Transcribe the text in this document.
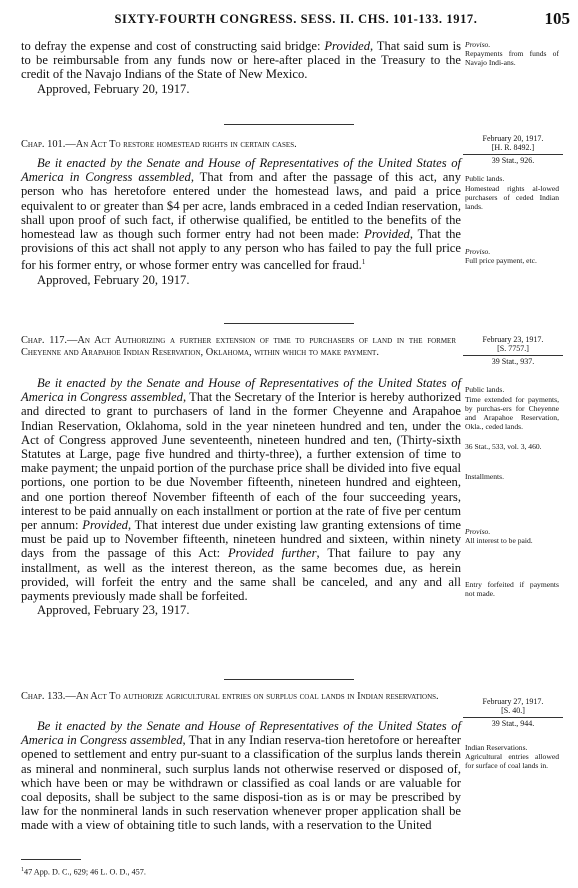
SIXTY-FOURTH CONGRESS. SESS. II. CHS. 101-133. 1917.	105

to defray the expense and cost of constructing said bridge: Provided, That said sum is to be reimbursable from any funds now or here-after placed in the Treasury to the credit of the Navajo Indians of the State of New Mexico.

Approved, February 20, 1917.

Proviso.

Repayments from funds of Navajo Indi-ans.

Chap. 101.—An Act To restore homestead rights in certain cases.

February 20, 1917.
[H. R. 8492.]
39 Stat., 926.

Be it enacted by the Senate and House of Representatives of the United States of America in Congress assembled, That from and after the passage of this act, any person who has heretofore entered under the homestead laws, and paid a price equivalent to or greater than $4 per acre, lands embraced in a ceded Indian reservation, shall upon proof of such fact, if otherwise qualified, be entitled to the benefits of the homestead law as though such former entry had not been made: Provided, That the provisions of this act shall not apply to any person who has failed to pay the full price for his former entry, or whose former entry was cancelled for fraud.$^1$

Approved, February 20, 1917.

Public lands.
Homestead rights al-lowed purchasers of ceded Indian lands.

Proviso.

Full price payment, etc.

Chap. 117.—An Act Authorizing a further extension of time to purchasers of land in the former Cheyenne and Arapahoe Indian Reservation, Oklahoma, within which to make payment.

February 23, 1917.
[S. 7757.]
39 Stat., 937.

Be it enacted by the Senate and House of Representatives of the United States of America in Congress assembled, That the Secretary of the Interior is hereby authorized and directed to grant to purchasers of land in the former Cheyenne and Arapahoe Indian Reservation, Oklahoma, sold in the year nineteen hundred and ten, under the Act of Congress approved June seventeenth, nineteen hundred and ten, (Thirty-sixth Statutes at Large, page five hundred and thirty-three), a further extension of time to make payment; the unpaid portion of the purchase price shall be divided into five equal portions, one portion to be due November fifteenth, nineteen hundred and eighteen, and one portion thereof November fifteenth of each of the four succeeding years, interest to be paid annually on each installment or portion at the rate of five per centum per annum: Provided, That interest due under existing law granting extensions of time must be paid up to November fifteenth, nineteen hundred and sixteen, within ninety days from the passage of this Act: Provided further, That failure to pay any installment, as well as the interest thereon, as the same becomes due, as herein provided, will forfeit the entry and the same shall be canceled, and any and all payments previously made shall be forfeited.

Approved, February 23, 1917.

Public lands.
Time extended for payments, by purchas-ers for Cheyenne and Arapahoe Reservation, Okla., ceded lands.
36 Stat., 533, vol. 3, 460.
Installments.

Proviso.

All interest to be paid.

Entry forfeited if payments not made.

Chap. 133.—An Act To authorize agricultural entries on surplus coal lands in Indian reservations.	February 27, 1917.
[S. 40.]
39 Stat., 944.

Be it enacted by the Senate and House of Representatives of the United States of America in Congress assembled, That in any Indian reserva-tion heretofore or hereafter opened to settlement and entry pur-suant to a classification of the surplus lands therein as mineral and nonmineral, such surplus lands not otherwise reserved or disposed of, which have been or may be withdrawn or classified as coal lands or are valuable for coal deposits, shall be subject to the same disposi-tion as is or may be prescribed by law for the nonmineral lands in such reservation whenever proper application shall be made with a view of obtaining title to such lands, with a reservation to the United

Indian Reservations.
Agricultural entries allowed for surface of coal lands in.
$^1$47 App. D. C., 629; 46 L. O. D., 457.
